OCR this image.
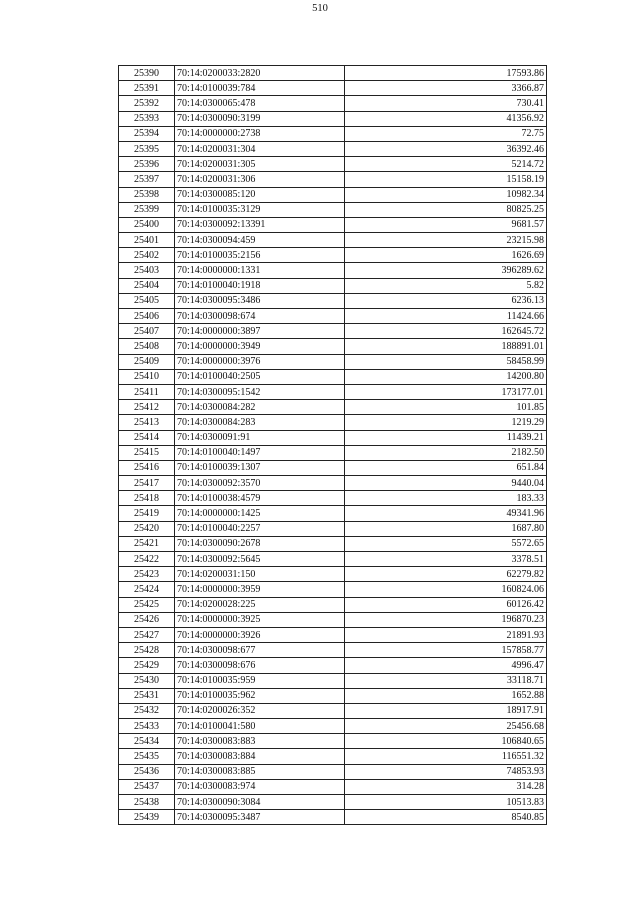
510
25390	70:14:0200033:2820	17593.86
25391	70:14:0100039:784	3366.87
25392	70:14:0300065:478	730.41
25393	70:14:0300090:3199	41356.92
25394	70:14:0000000:2738	72.75
25395	70:14:0200031:304	36392.46
25396	70:14:0200031:305	5214.72
25397	70:14:0200031:306	15158.19
25398	70:14:0300085:120	10982.34
25399	70:14:0100035:3129	80825.25
25400	70:14:0300092:13391	9681.57
25401	70:14:0300094:459	23215.98
25402	70:14:0100035:2156	1626.69
25403	70:14:0000000:1331	396289.62
25404	70:14:0100040:1918	5.82
25405	70:14:0300095:3486	6236.13
25406	70:14:0300098:674	11424.66
25407	70:14:0000000:3897	162645.72
25408	70:14:0000000:3949	188891.01
25409	70:14:0000000:3976	58458.99
25410	70:14:0100040:2505	14200.80
25411	70:14:0300095:1542	173177.01
25412	70:14:0300084:282	101.85
25413	70:14:0300084:283	1219.29
25414	70:14:0300091:91	11439.21
25415	70:14:0100040:1497	2182.50
25416	70:14:0100039:1307	651.84
25417	70:14:0300092:3570	9440.04
25418	70:14:0100038:4579	183.33
25419	70:14:0000000:1425	49341.96
25420	70:14:0100040:2257	1687.80
25421	70:14:0300090:2678	5572.65
25422	70:14:0300092:5645	3378.51
25423	70:14:0200031:150	62279.82
25424	70:14:0000000:3959	160824.06
25425	70:14:0200028:225	60126.42
25426	70:14:0000000:3925	196870.23
25427	70:14:0000000:3926	21891.93
25428	70:14:0300098:677	157858.77
25429	70:14:0300098:676	4996.47
25430	70:14:0100035:959	33118.71
25431	70:14:0100035:962	1652.88
25432	70:14:0200026:352	18917.91
25433	70:14:0100041:580	25456.68
25434	70:14:0300083:883	106840.65
25435	70:14:0300083:884	116551.32
25436	70:14:0300083:885	74853.93
25437	70:14:0300083:974	314.28
25438	70:14:0300090:3084	10513.83
25439	70:14:0300095:3487	8540.85
